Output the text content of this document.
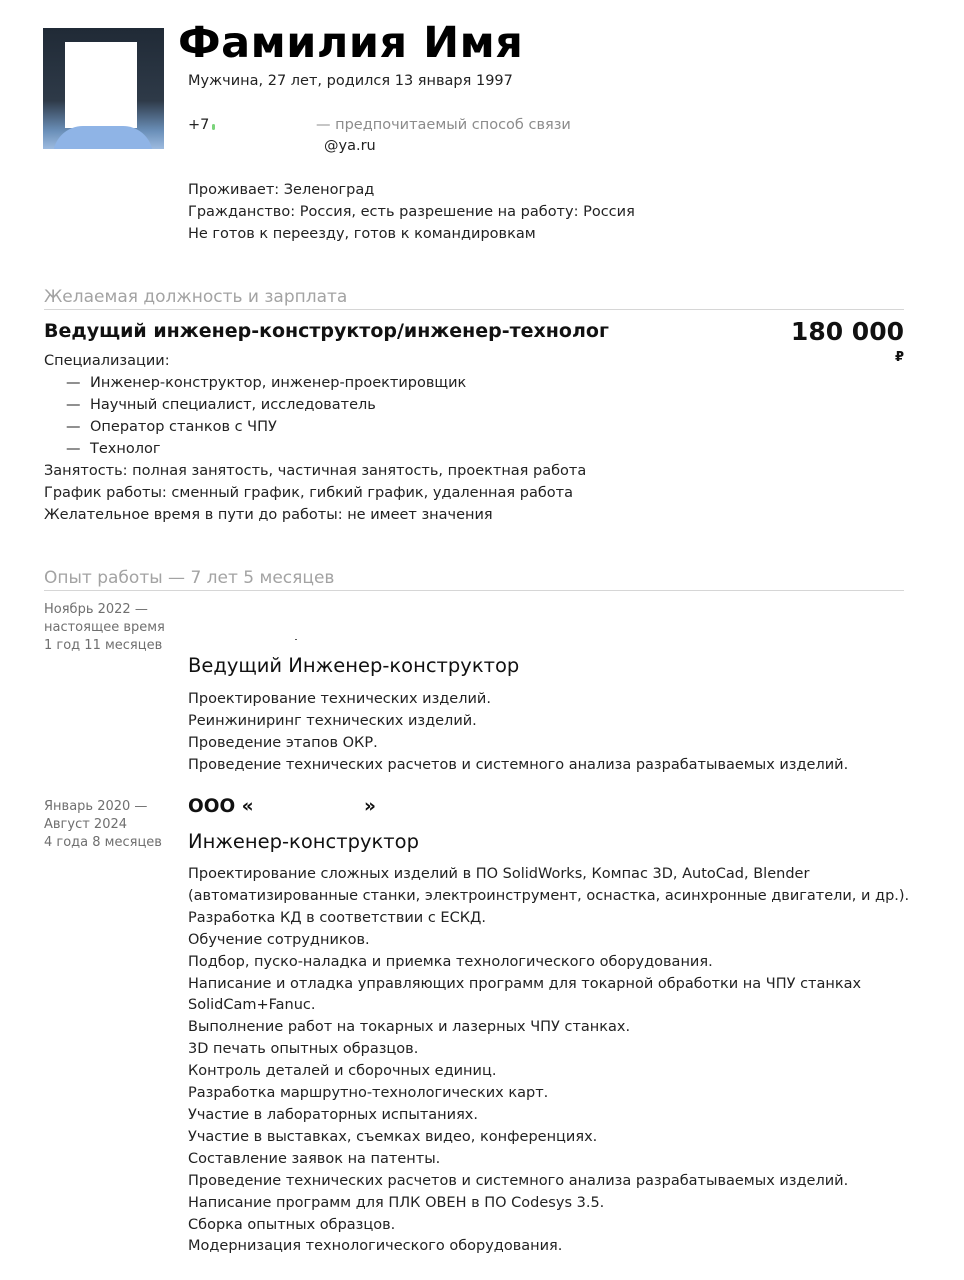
Фамилия Имя
Мужчина, 27 лет, родился 13 января 1997
+7	— предпочитаемый способ связи
@ya.ru
Проживает: Зеленоград
Гражданство: Россия, есть разрешение на работу: Россия
Не готов к переезду, готов к командировкам
Желаемая должность и зарплата
Ведущий инженер-конструктор/инженер-технолог	180 000
₽
Специализации:
— Инженер-конструктор, инженер-проектировщик
— Научный специалист, исследователь
— Оператор станков с ЧПУ
— Технолог
Занятость: полная занятость, частичная занятость, проектная работа
График работы: сменный график, гибкий график, удаленная работа
Желательное время в пути до работы: не имеет значения
Опыт работы — 7 лет 5 месяцев
Ноябрь 2022 —
настоящее время
1 год 11 месяцев
Ведущий Инженер-конструктор
Проектирование технических изделий.
Реинжиниринг технических изделий.
Проведение этапов ОКР.
Проведение технических расчетов и системного анализа разрабатываемых изделий.
Январь 2020 —
Август 2024
4 года 8 месяцев
ООО «	»
Инженер-конструктор
Проектирование сложных изделий в ПО SolidWorks, Компас 3D, AutoCad, Blender
(автоматизированные станки, электроинструмент, оснастка, асинхронные двигатели, и др.).
Разработка КД в соответствии с ЕСКД.
Обучение сотрудников.
Подбор, пуско-наладка и приемка технологического оборудования.
Написание и отладка управляющих программ для токарной обработки на ЧПУ станках
SolidCam+Fanuc.
Выполнение работ на токарных и лазерных ЧПУ станках.
3D печать опытных образцов.
Контроль деталей и сборочных единиц.
Разработка маршрутно-технологических карт.
Участие в лабораторных испытаниях.
Участие в выставках, съемках видео, конференциях.
Составление заявок на патенты.
Проведение технических расчетов и системного анализа разрабатываемых изделий.
Написание программ для ПЛК ОВЕН в ПО Codesys 3.5.
Сборка опытных образцов.
Модернизация технологического оборудования.
